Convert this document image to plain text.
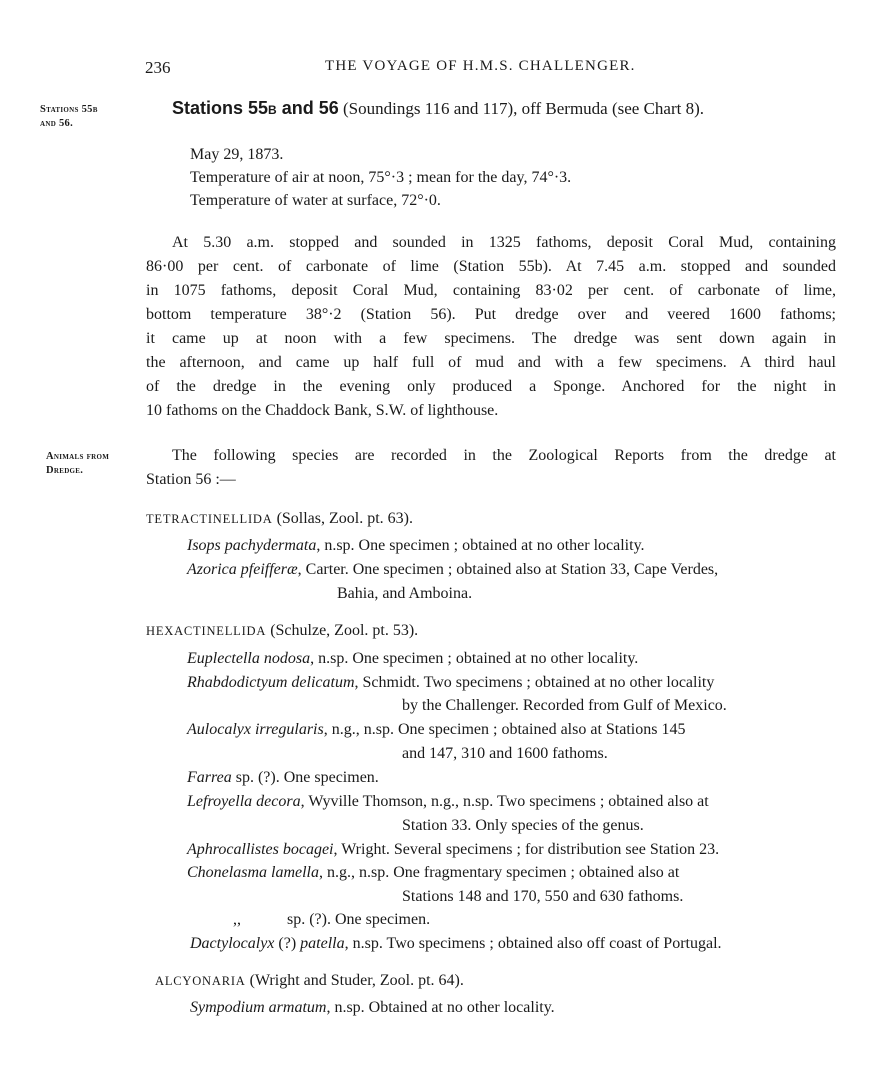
236	THE VOYAGE OF H.M.S. CHALLENGER.
Stations 55b
and 56.
Animals from
Dredge.
Stations 55B and 56 (Soundings 116 and 117), off Bermuda (see Chart 8).
May 29, 1873.
Temperature of air at noon, 75°·3 ; mean for the day, 74°·3.
Temperature of water at surface, 72°·0.
At 5.30 a.m. stopped and sounded in 1325 fathoms, deposit Coral Mud, containing
86·00 per cent. of carbonate of lime (Station 55b). At 7.45 a.m. stopped and sounded
in 1075 fathoms, deposit Coral Mud, containing 83·02 per cent. of carbonate of lime,
bottom temperature 38°·2 (Station 56). Put dredge over and veered 1600 fathoms;
it came up at noon with a few specimens. The dredge was sent down again in
the afternoon, and came up half full of mud and with a few specimens. A third haul
of the dredge in the evening only produced a Sponge. Anchored for the night in
10 fathoms on the Chaddock Bank, S.W. of lighthouse.
The following species are recorded in the Zoological Reports from the dredge at
Station 56 :—
TETRACTINELLIDA (Sollas, Zool. pt. 63).
Isops pachydermata, n.sp. One specimen ; obtained at no other locality.
Azorica pfeifferæ, Carter. One specimen ; obtained also at Station 33, Cape Verdes,
Bahia, and Amboina.
HEXACTINELLIDA (Schulze, Zool. pt. 53).
Euplectella nodosa, n.sp. One specimen ; obtained at no other locality.
Rhabdodictyum delicatum, Schmidt. Two specimens ; obtained at no other locality
by the Challenger. Recorded from Gulf of Mexico.
Aulocalyx irregularis, n.g., n.sp. One specimen ; obtained also at Stations 145
and 147, 310 and 1600 fathoms.
Farrea sp. (?). One specimen.
Lefroyella decora, Wyville Thomson, n.g., n.sp. Two specimens ; obtained also at
Station 33. Only species of the genus.
Aphrocallistes bocagei, Wright. Several specimens ; for distribution see Station 23.
Chonelasma lamella, n.g., n.sp. One fragmentary specimen ; obtained also at
Stations 148 and 170, 550 and 630 fathoms.
,,	sp. (?). One specimen.
Dactylocalyx (?) patella, n.sp. Two specimens ; obtained also off coast of Portugal.
ALCYONARIA (Wright and Studer, Zool. pt. 64).
Sympodium armatum, n.sp. Obtained at no other locality.
